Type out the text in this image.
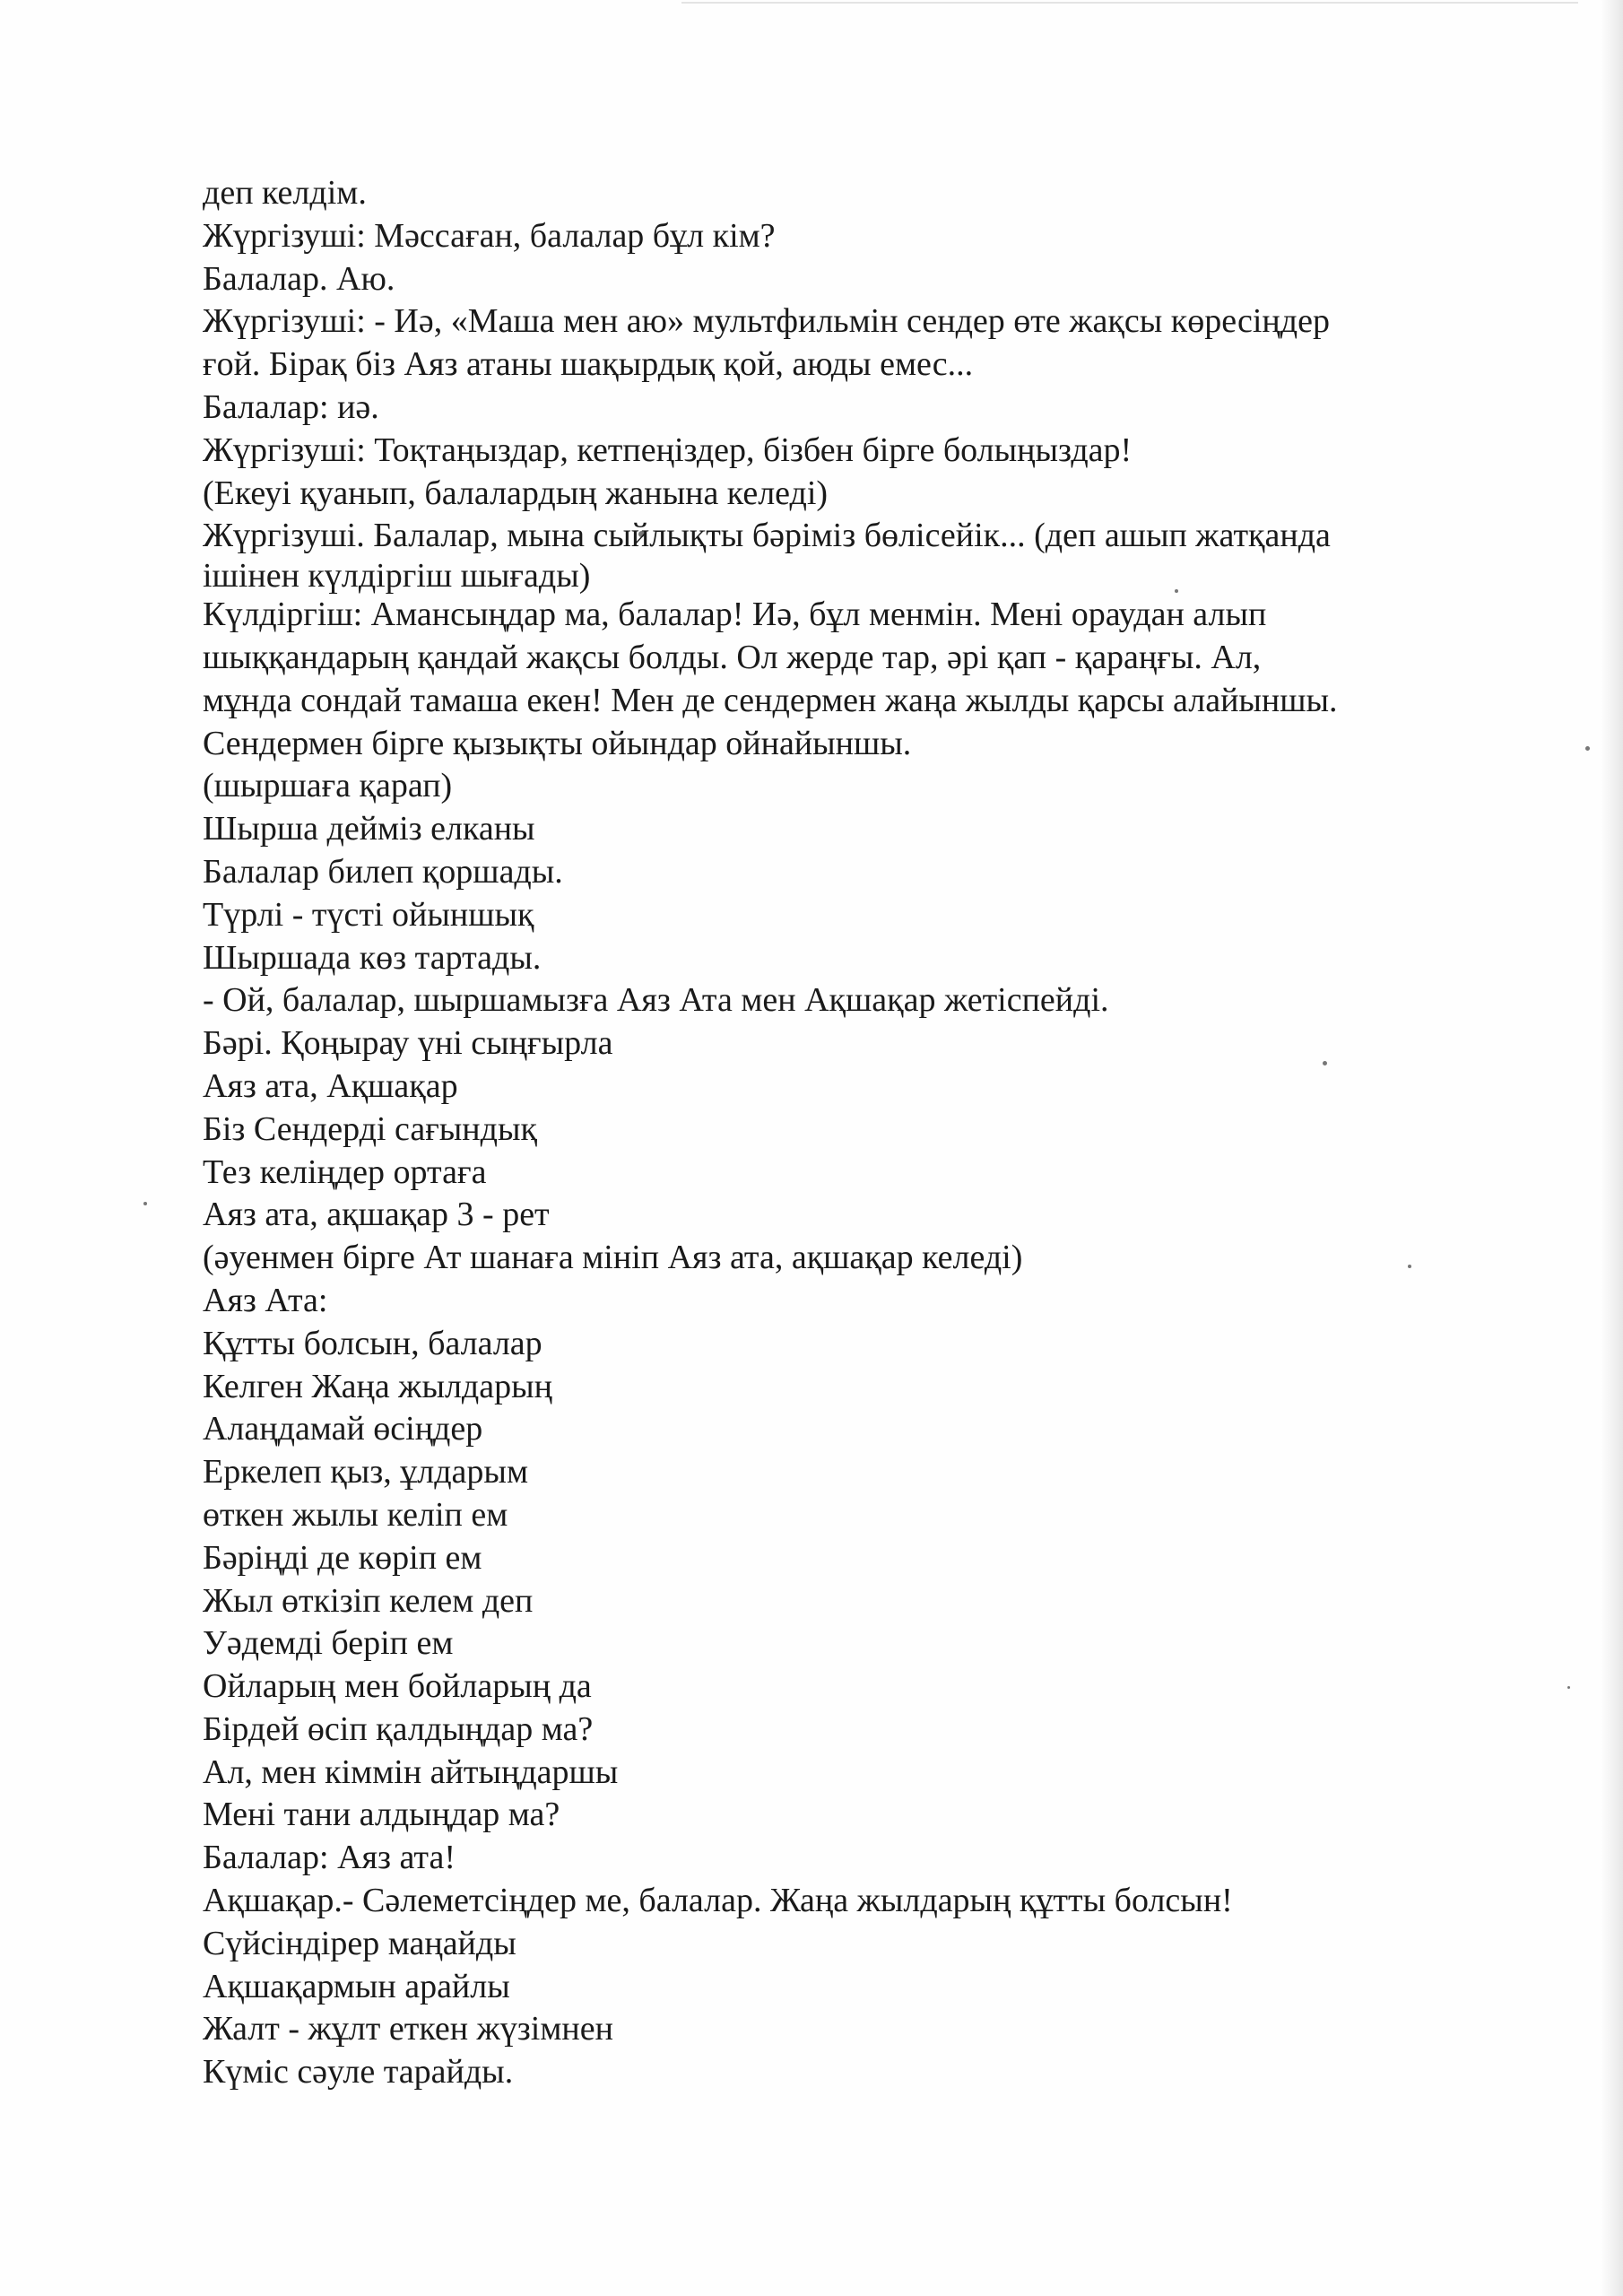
деп келдім.
Жүргізуші: Мәссаған, балалар бұл кім?
Балалар. Аю.
Жүргізуші: - Иә, «Маша мен аю» мультфильмін сендер өте жақсы көресіңдер
ғой. Бірақ біз Аяз атаны шақырдық қой, аюды емес...
Балалар: иә.
Жүргізуші: Тоқтаңыздар, кетпеңіздер, бізбен бірге болыңыздар!
(Екеуі қуанып, балалардың жанына келеді)
Жүргізуші. Балалар, мына сыйлықты бәріміз бөлісейік... (деп ашып жатқанда
ішінен күлдіргіш шығады)
Күлдіргіш: Амансыңдар ма, балалар! Иә, бұл менмін. Мені ораудан алып
шыққандарың қандай жақсы болды. Ол жерде тар, әрі қап - қараңғы. Ал,
мұнда сондай тамаша екен! Мен де сендермен жаңа жылды қарсы алайыншы.
Сендермен бірге қызықты ойындар ойнайыншы.
(шыршаға қарап)
Шырша дейміз елканы
Балалар билеп қоршады.
Түрлі - түсті ойыншық
Шыршада көз тартады.
- Ой, балалар, шыршамызға Аяз Ата мен Ақшақар жетіспейді.
Бәрі. Қоңырау үні сыңғырла
Аяз ата, Ақшақар
Біз Сендерді сағындық
Тез келіңдер ортаға
Аяз ата, ақшақар 3 - рет
(әуенмен бірге Ат шанаға мініп Аяз ата, ақшақар келеді)
Аяз Ата:
Құтты болсын, балалар
Келген Жаңа жылдарың
Алаңдамай өсіңдер
Еркелеп қыз, ұлдарым
өткен жылы келіп ем
Бәріңді де көріп ем
Жыл өткізіп келем деп
Уәдемді беріп ем
Ойларың мен бойларың да
Бірдей өсіп қалдыңдар ма?
Ал, мен кіммін айтыңдаршы
Мені тани алдыңдар ма?
Балалар: Аяз ата!
Ақшақар.- Сәлеметсіңдер ме, балалар. Жаңа жылдарың құтты болсын!
Сүйсіндірер маңайды
Ақшақармын арайлы
Жалт - жұлт еткен жүзімнен
Күміс сәуле тарайды.
